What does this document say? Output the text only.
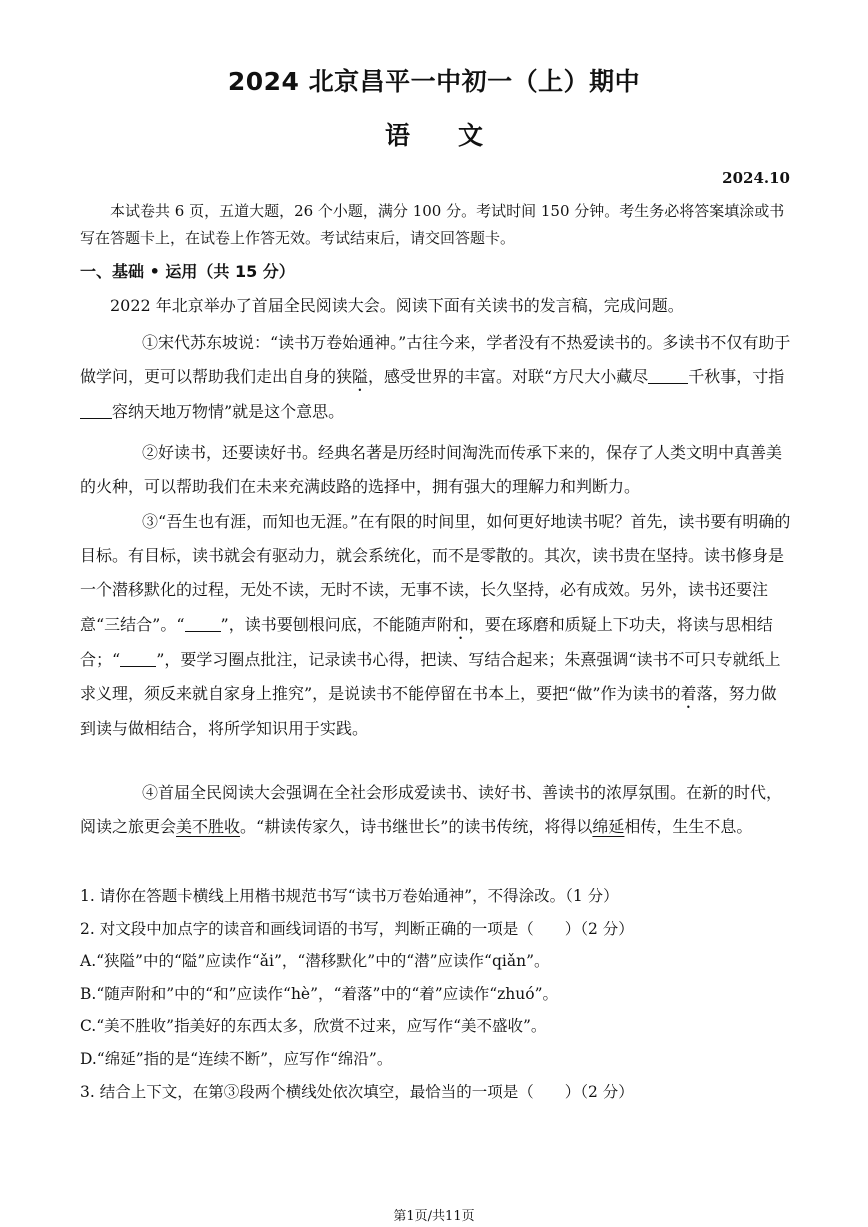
2024 北京昌平一中初一（上）期中
语文
2024.10

本试卷共 6 页，五道大题，26 个小题，满分 100 分。考试时间 150 分钟。考生务必将答案填涂或书写在答题卡上，在试卷上作答无效。考试结束后，请交回答题卡。

一、基础 • 运用（共 15 分）

2022 年北京举办了首届全民阅读大会。阅读下面有关读书的发言稿，完成问题。

①宋代苏东坡说：“读书万卷始通神。”古往今来，学者没有不热爱读书的。多读书不仅有助于做学问，更可以帮助我们走出自身的狭隘，感受世界的丰富。对联“方尺大小藏尽	千秋事，寸指容纳天地万物情”就是这个意思。

②好读书，还要读好书。经典名著是历经时间淘洗而传承下来的，保存了人类文明中真善美的火种，可以帮助我们在未来充满歧路的选择中，拥有强大的理解力和判断力。

③“吾生也有涯，而知也无涯。”在有限的时间里，如何更好地读书呢？首先，读书要有明确的目标。有目标，读书就会有驱动力，就会系统化，而不是零散的。其次，读书贵在坚持。读书修身是一个潜移默化的过程，无处不读，无时不读，无事不读，长久坚持，必有成效。另外，读书还要注意“三结合”。“ ”，读书要刨根问底，不能随声附和，要在琢磨和质疑上下功夫，将读与思相结合；“ ”，要学习圈点批注，记录读书心得，把读、写结合起来；朱熹强调“读书不可只专就纸上求义理，须反来就自家身上推究”，是说读书不能停留在书本上，要把“做”作为读书的着落，努力做到读与做相结合，将所学知识用于实践。

④首届全民阅读大会强调在全社会形成爱读书、读好书、善读书的浓厚氛围。在新的时代，阅读之旅更会美不胜收。“耕读传家久，诗书继世长”的读书传统，将得以绵延相传，生生不息。

1. 请你在答题卡横线上用楷书规范书写“读书万卷始通神”，不得涂改。（1 分）
2. 对文段中加点字的读音和画线词语的书写，判断正确的一项是（　　）（2 分）
A.“狭隘”中的“隘”应读作“ǎi”，“潜移默化”中的“潜”应读作“qiǎn”。
B.“随声附和”中的“和”应读作“hè”，“着落”中的“着”应读作“zhuó”。
C.“美不胜收”指美好的东西太多，欣赏不过来，应写作“美不盛收”。
D.“绵延”指的是“连续不断”，应写作“绵沿”。
3. 结合上下文，在第③段两个横线处依次填空，最恰当的一项是（　　）（2 分）
第1页/共11页
